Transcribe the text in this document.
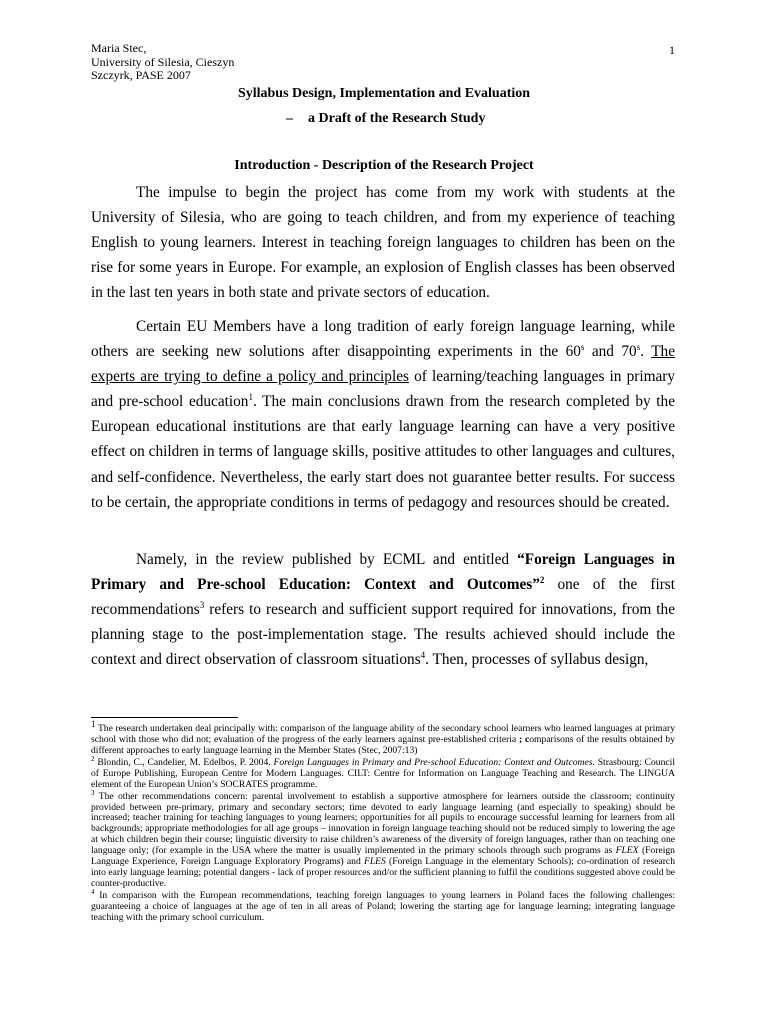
Maria Stec,
University of Silesia, Cieszyn
Szczyrk, PASE 2007
1
Syllabus Design, Implementation and Evaluation
– a Draft of the Research Study
Introduction - Description of the Research Project

The impulse to begin the project has come from my work with students at the University of Silesia, who are going to teach children, and from my experience of teaching English to young learners. Interest in teaching foreign languages to children has been on the rise for some years in Europe. For example, an explosion of English classes has been observed in the last ten years in both state and private sectors of education.

Certain EU Members have a long tradition of early foreign language learning, while others are seeking new solutions after disappointing experiments in the 60$^s$ and 70$^s$. The experts are trying to define a policy and principles of learning/teaching languages in primary and pre-school education$^1$. The main conclusions drawn from the research completed by the European educational institutions are that early language learning can have a very positive effect on children in terms of language skills, positive attitudes to other languages and cultures, and self-confidence. Nevertheless, the early start does not guarantee better results. For success to be certain, the appropriate conditions in terms of pedagogy and resources should be created.

Namely, in the review published by ECML and entitled “Foreign Languages in Primary and Pre-school Education: Context and Outcomes”$^2$ one of the first recommendations$^3$ refers to research and sufficient support required for innovations, from the planning stage to the post-implementation stage. The results achieved should include the context and direct observation of classroom situations$^4$. Then, processes of syllabus design,

1 The research undertaken deal principally with: comparison of the language ability of the secondary school learners who learned languages at primary school with those who did not; evaluation of the progress of the early learners against pre-established criteria ; comparisons of the results obtained by different approaches to early language learning in the Member States (Stec, 2007:13)

$^2$ Blondin, C., Candelier, M. Edelbos, P. 2004. Foreign Languages in Primary and Pre-school Education: Context and Outcomes. Strasbourg: Council of Europe Publishing, European Centre for Modern Languages. CILT: Centre for Information on Language Teaching and Research. The LINGUA element of the European Union’s SOCRATES programme.

$^3$ The other recommendations concern: parental involvement to establish a supportive atmosphere for learners outside the classroom; continuity provided between pre-primary, primary and secondary sectors; time devoted to early language learning (and especially to speaking) should be increased; teacher training for teaching languages to young learners; opportunities for all pupils to encourage successful learning for learners from all backgrounds; appropriate methodologies for all age groups – innovation in foreign language teaching should not be reduced simply to lowering the age at which children begin their course; linguistic diversity to raise children’s awareness of the diversity of foreign languages, rather than on teaching one language only; (for example in the USA where the matter is usually implemented in the primary schools through such programs as FLEX (Foreign Language Experience, Foreign Language Exploratory Programs) and FLES (Foreign Language in the elementary Schools); co-ordination of research into early language learning; potential dangers - lack of proper resources and/or the sufficient planning to fulfil the conditions suggested above could be counter-productive.

$^4$ In comparison with the European recommendations, teaching foreign languages to young learners in Poland faces the following challenges: guaranteeing a choice of languages at the age of ten in all areas of Poland; lowering the starting age for language learning; integrating language teaching with the primary school curriculum.
